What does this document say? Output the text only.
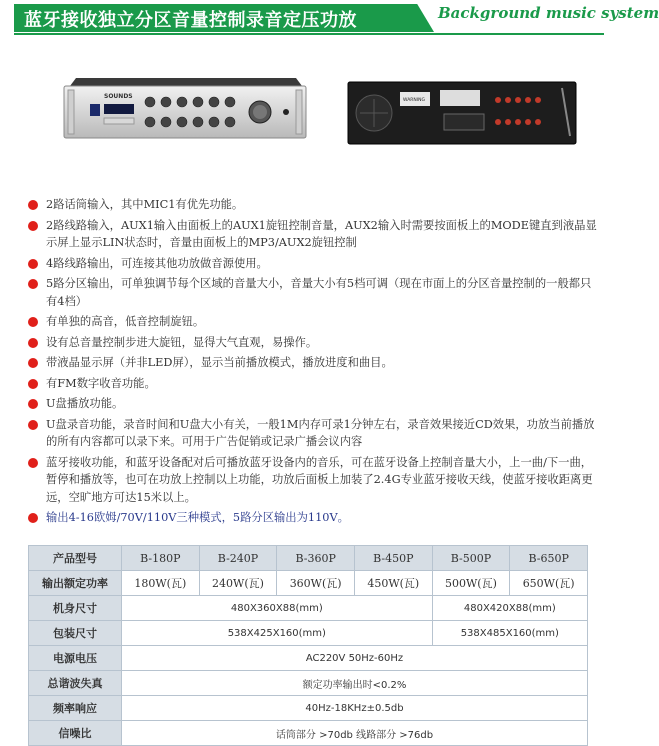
蓝牙接收独立分区音量控制录音定压功放	Background music system
SOUNDS
WARNING
2路话筒输入，其中MIC1有优先功能。
2路线路输入，AUX1输入由面板上的AUX1旋钮控制音量，AUX2输入时需要按面板上的MODE键直到液晶显示屏上显示LIN状态时，音量由面板上的MP3/AUX2旋钮控制
4路线路输出，可连接其他功放做音源使用。
5路分区输出，可单独调节每个区域的音量大小，音量大小有5档可调（现在市面上的分区音量控制的一般都只有4档）
有单独的高音，低音控制旋钮。
设有总音量控制步进大旋钮，显得大气直观，易操作。
带液晶显示屏（并非LED屏），显示当前播放模式，播放进度和曲目。
有FM数字收音功能。
U盘播放功能。
U盘录音功能，录音时间和U盘大小有关，一般1M内存可录1分钟左右，录音效果接近CD效果，功放当前播放的所有内容都可以录下来。可用于广告促销或记录广播会议内容
蓝牙接收功能，和蓝牙设备配对后可播放蓝牙设备内的音乐，可在蓝牙设备上控制音量大小，上一曲/下一曲，暂停和播放等，也可在功放上控制以上功能，功放后面板上加装了2.4G专业蓝牙接收天线，使蓝牙接收距离更远，空旷地方可达15米以上。
输出4-16欧姆/70V/110V三种模式，5路分区输出为110V。
产品型号	B-180P	B-240P	B-360P	B-450P	B-500P	B-650P
输出额定功率	180W(瓦)	240W(瓦)	360W(瓦)	450W(瓦)	500W(瓦)	650W(瓦)
机身尺寸	480X360X88(mm)				480X420X88(mm)	
包装尺寸	538X425X160(mm)				538X485X160(mm)	
电源电压	AC220V 50Hz-60Hz					
总谐波失真	额定功率输出时<0.2%					
频率响应	40Hz-18KHz±0.5db					
信噪比	话筒部分 >70db 线路部分 >76db					
